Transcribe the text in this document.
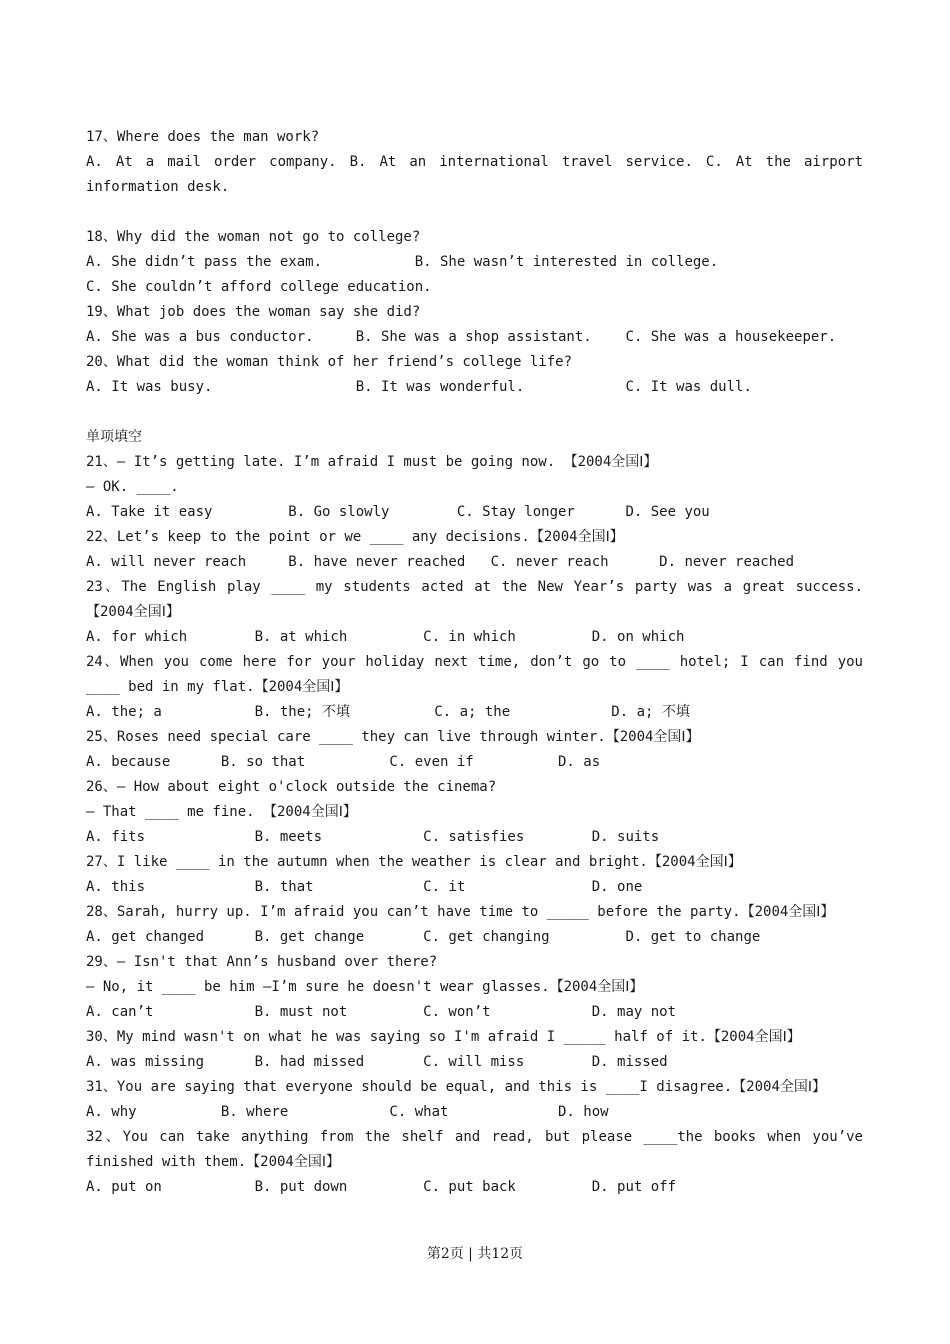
17、Where does the man work?
A. At a mail order company. B. At an international travel service. C. At the airport information desk.
18、Why did the woman not go to college?
A. She didn’t pass the exam.           B. She wasn’t interested in college.
C. She couldn’t afford college education.
19、What job does the woman say she did?
A. She was a bus conductor.     B. She was a shop assistant.    C. She was a housekeeper.
20、What did the woman think of her friend’s college life?
A. It was busy.                 B. It was wonderful.            C. It was dull.
单项填空
21、— It’s getting late. I’m afraid I must be going now. 【2004全国Ⅰ】
— OK. ____.
A. Take it easy         B. Go slowly        C. Stay longer      D. See you
22、Let’s keep to the point or we ____ any decisions.【2004全国Ⅰ】
A. will never reach     B. have never reached   C. never reach      D. never reached
23、The English play ____ my students acted at the New Year’s party was a great success. 【2004全国Ⅰ】
A. for which        B. at which         C. in which         D. on which
24、When you come here for your holiday next time, don’t go to ____ hotel; I can find you ____ bed in my flat.【2004全国Ⅰ】
A. the; a           B. the; 不填          C. a; the            D. a; 不填
25、Roses need special care ____ they can live through winter.【2004全国Ⅰ】
A. because      B. so that          C. even if          D. as
26、— How about eight o'clock outside the cinema?
— That ____ me fine. 【2004全国Ⅰ】
A. fits             B. meets            C. satisfies        D. suits
27、I like ____ in the autumn when the weather is clear and bright.【2004全国Ⅰ】
A. this             B. that             C. it               D. one
28、Sarah, hurry up. I’m afraid you can’t have time to _____ before the party.【2004全国Ⅰ】
A. get changed      B. get change       C. get changing         D. get to change
29、— Isn't that Ann’s husband over there?
— No, it ____ be him —I’m sure he doesn't wear glasses.【2004全国Ⅰ】
A. can’t            B. must not         C. won’t            D. may not
30、My mind wasn't on what he was saying so I'm afraid I _____ half of it.【2004全国Ⅰ】
A. was missing      B. had missed       C. will miss        D. missed
31、You are saying that everyone should be equal, and this is ____I disagree.【2004全国Ⅰ】
A. why          B. where            C. what             D. how
32、You can take anything from the shelf and read, but please ____the books when you’ve finished with them.【2004全国Ⅰ】
A. put on           B. put down         C. put back         D. put off
第2页 | 共12页
